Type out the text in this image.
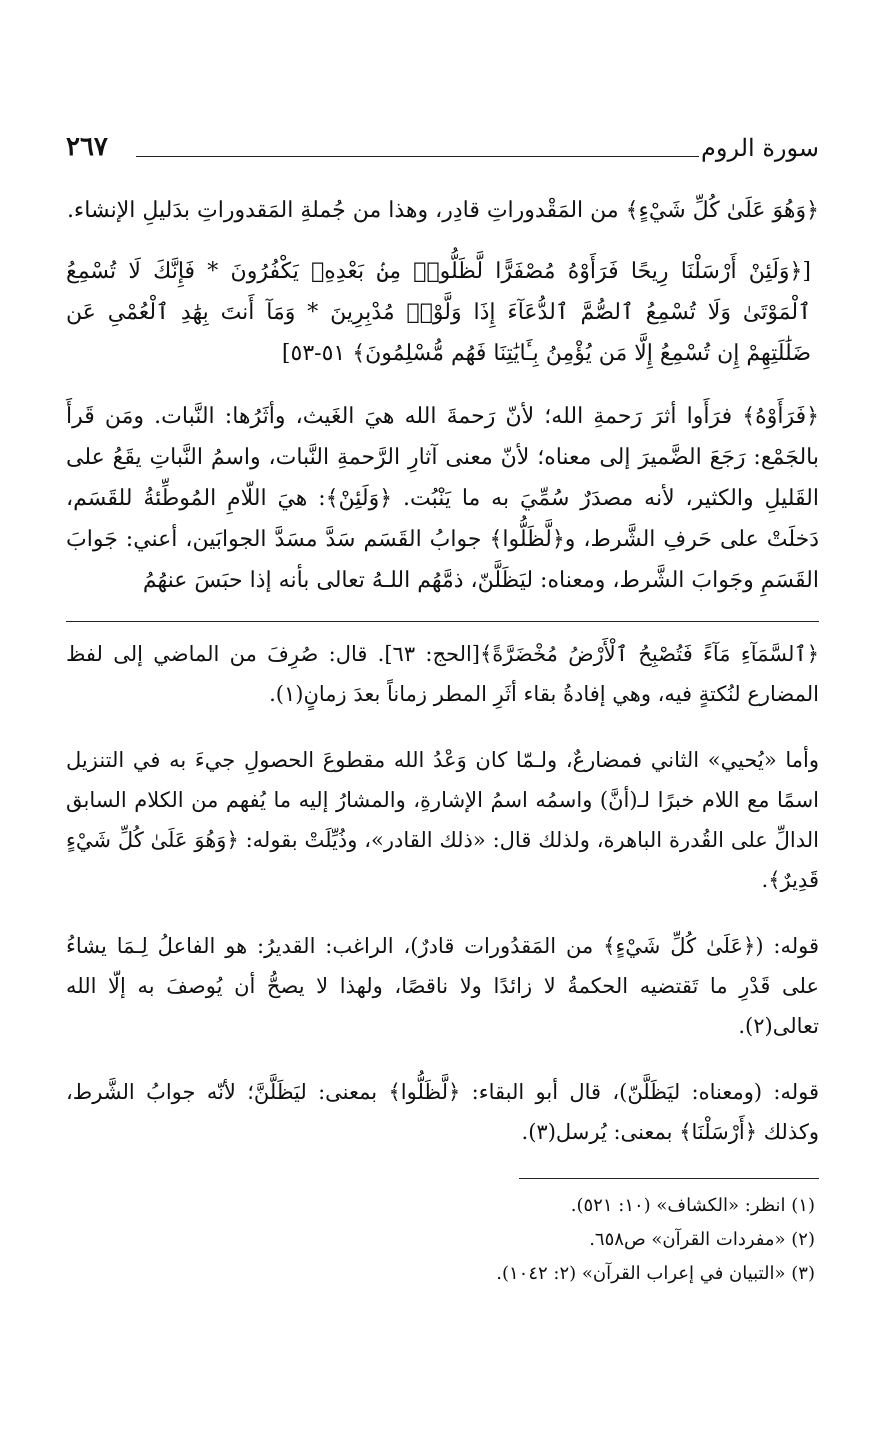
سورة الروم
٢٦٧

﴿وَهُوَ عَلَىٰ كُلِّ شَيْءٍ﴾ من المَقْدوراتِ قادِر، وهذا من جُملةِ المَقدوراتِ بدَليلِ الإنشاء.

[﴿وَلَئِنْ أَرْسَلْنَا رِيحًا فَرَأَوْهُ مُصْفَرًّا لَّظَلُّوا۟ مِنۢ بَعْدِهِۦ يَكْفُرُونَ * فَإِنَّكَ لَا تُسْمِعُ ٱلْمَوْتَىٰ وَلَا تُسْمِعُ ٱلصُّمَّ ٱلدُّعَآءَ إِذَا وَلَّوْا۟ مُدْبِرِينَ * وَمَآ أَنتَ بِهَٰدِ ٱلْعُمْىِ عَن ضَلَٰلَتِهِمْ إِن تُسْمِعُ إِلَّا مَن يُؤْمِنُ بِـَٔايَٰتِنَا فَهُم مُّسْلِمُونَ﴾ ٥١-٥٣]

﴿فَرَأَوْهُ﴾ فرَأَوا أثرَ رَحمةِ الله؛ لأنّ رَحمةَ الله هيَ الغَيث، وأثَرُها: النَّبات. ومَن قَرأَ بالجَمْع: رَجَعَ الضَّميرَ إلى معناه؛ لأنّ معنى آثارِ الرَّحمةِ النَّبات، واسمُ النَّباتِ يقَعُ على القَليلِ والكثير، لأنه مصدَرٌ سُمِّيَ به ما يَنْبُت. ﴿وَلَئِنْ﴾: هيَ اللّامِ المُوطِّئةُ للقَسَم، دَخلَتْ على حَرفِ الشَّرط، و﴿لَّظَلُّوا﴾ جوابُ القَسَم سَدَّ مسَدَّ الجوابَين، أعني: جَوابَ القَسَمِ وجَوابَ الشَّرط، ومعناه: ليَظَلَّنّ، ذمَّهُم اللـهُ تعالى بأنه إذا حبَسَ عنهُمُ

﴿ٱلسَّمَآءِ مَآءً فَتُصْبِحُ ٱلْأَرْضُ مُخْضَرَّةً﴾[الحج: ٦٣]. قال: صُرِفَ من الماضي إلى لفظ المضارع لنُكتةٍ فيه، وهي إفادةُ بقاء أثَرِ المطر زماناً بعدَ زمانٍ(١).

وأما «يُحيي» الثاني فمضارعٌ، ولـمّا كان وَعْدُ الله مقطوعَ الحصولِ جيءَ به في التنزيل اسمًا مع اللام خبرًا لـ(أنَّ) واسمُه اسمُ الإشارةِ، والمشارُ إليه ما يُفهم من الكلام السابق الدالِّ على القُدرة الباهرة، ولذلك قال: «ذلك القادر»، وذُيِّلَتْ بقوله: ﴿وَهُوَ عَلَىٰ كُلِّ شَيْءٍ قَدِيرٌ﴾.

قوله: (﴿عَلَىٰ كُلِّ شَيْءٍ﴾ من المَقدُورات قادرٌ)، الراغب: القديرُ: هو الفاعلُ لِـمَا يشاءُ على قَدْرِ ما تَقتضيه الحكمةُ لا زائدًا ولا ناقصًا، ولهذا لا يصحُّ أن يُوصفَ به إلّا الله تعالى(٢).

قوله: (ومعناه: ليَظَلَّنّ)، قال أبو البقاء: ﴿لَّظَلُّوا﴾ بمعنى: ليَظَلَّنَّ؛ لأنّه جوابُ الشَّرط، وكذلك ﴿أَرْسَلْنَا﴾ بمعنى: يُرسل(٣).

(١) انظر: «الكشاف» (١٠: ٥٢١).
(٢) «مفردات القرآن» ص٦٥٨.
(٣) «التبيان في إعراب القرآن» (٢: ١٠٤٢).
